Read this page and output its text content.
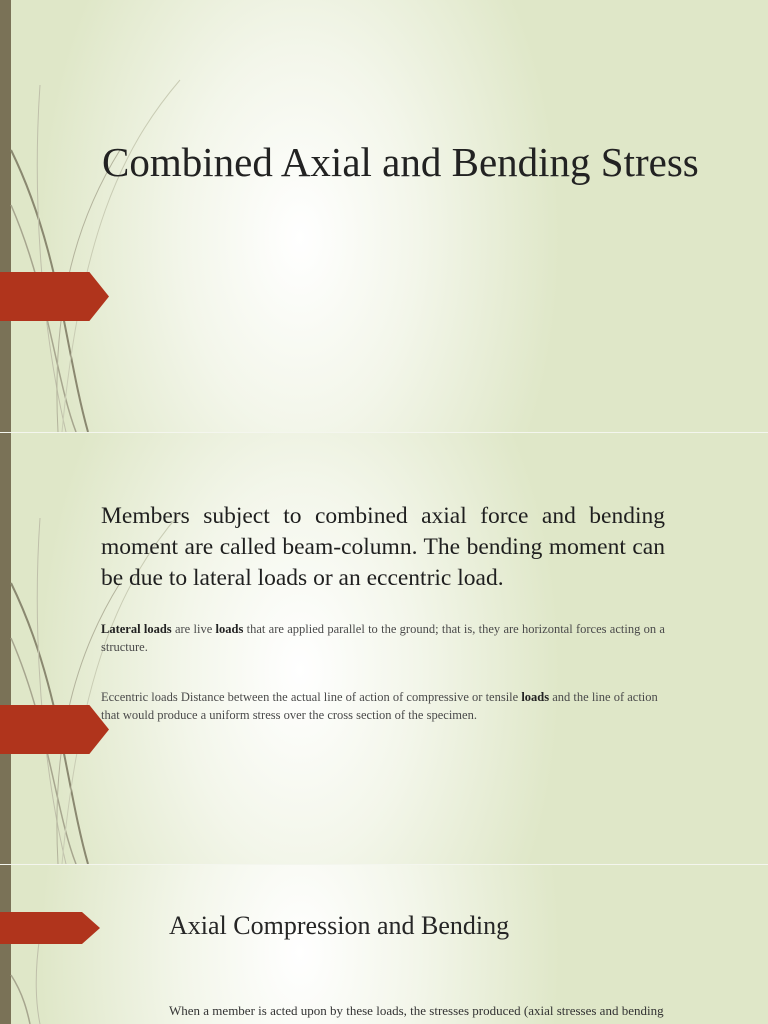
Combined Axial and Bending Stress

Members subject to combined axial force and bending moment are called beam-column. The bending moment can be due to lateral loads or an eccentric load.

Lateral loads are live loads that are applied parallel to the ground; that is, they are horizontal forces acting on a structure.

Eccentric loads Distance between the actual line of action of compressive or tensile loads and the line of action that would produce a uniform stress over the cross section of the specimen.

Axial Compression and Bending

When a member is acted upon by these loads, the stresses produced (axial stresses and bending
